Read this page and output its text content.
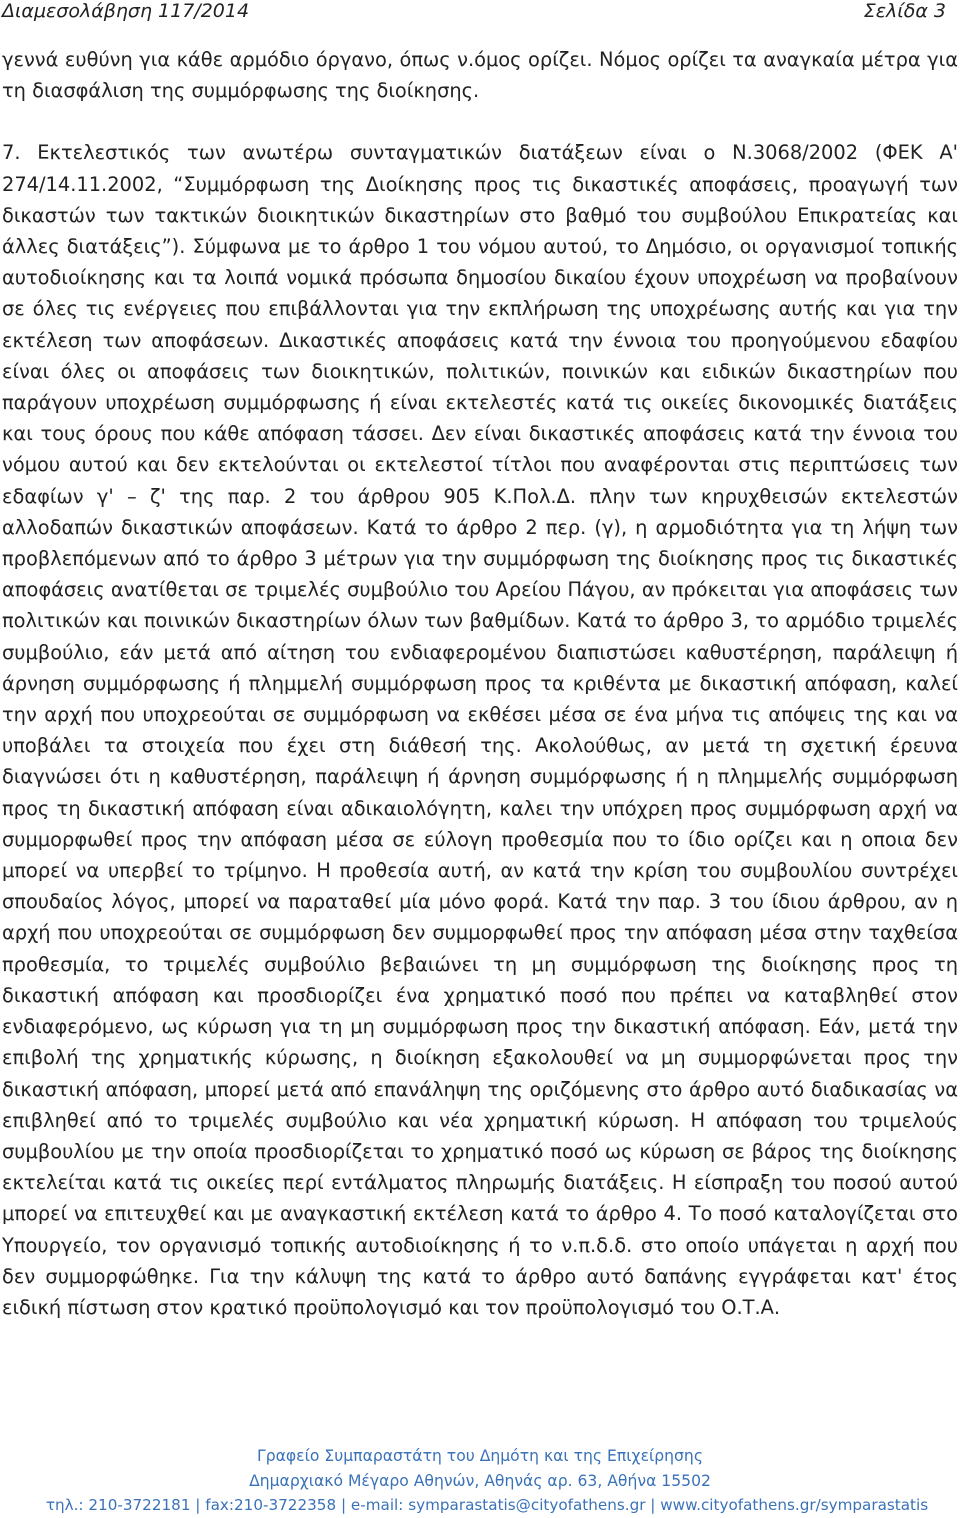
Διαμεσολάβηση 117/2014	Σελίδα 3

γεννά ευθύνη για κάθε αρμόδιο όργανο, όπως ν.όμος ορίζει. Νόμος ορίζει τα αναγκαία μέτρα για τη διασφάλιση της συμμόρφωσης της διοίκησης.

7. Εκτελεστικός των ανωτέρω συνταγματικών διατάξεων είναι ο Ν.3068/2002 (ΦΕΚ Α' 274/14.11.2002, “Συμμόρφωση της Διοίκησης προς τις δικαστικές αποφάσεις, προαγωγή των δικαστών των τακτικών διοικητικών δικαστηρίων στο βαθμό του συμβούλου Επικρατείας και άλλες διατάξεις”). Σύμφωνα με το άρθρο 1 του νόμου αυτού, το Δημόσιο, οι οργανισμοί τοπικής αυτοδιοίκησης και τα λοιπά νομικά πρόσωπα δημοσίου δικαίου έχουν υποχρέωση να προβαίνουν σε όλες τις ενέργειες που επιβάλλονται για την εκπλήρωση της υποχρέωσης αυτής και για την εκτέλεση των αποφάσεων. Δικαστικές αποφάσεις κατά την έννοια του προηγούμενου εδαφίου είναι όλες οι αποφάσεις των διοικητικών, πολιτικών, ποινικών και ειδικών δικαστηρίων που παράγουν υποχρέωση συμμόρφωσης ή είναι εκτελεστές κατά τις οικείες δικονομικές διατάξεις και τους όρους που κάθε απόφαση τάσσει. Δεν είναι δικαστικές αποφάσεις κατά την έννοια του νόμου αυτού και δεν εκτελούνται οι εκτελεστοί τίτλοι που αναφέρονται στις περιπτώσεις των εδαφίων γ' – ζ' της παρ. 2 του άρθρου 905 Κ.Πολ.Δ. πλην των κηρυχθεισών εκτελεστών αλλοδαπών δικαστικών αποφάσεων. Κατά το άρθρο 2 περ. (γ), η αρμοδιότητα για τη λήψη των προβλεπόμενων από το άρθρο 3 μέτρων για την συμμόρφωση της διοίκησης προς τις δικαστικές αποφάσεις ανατίθεται σε τριμελές συμβούλιο του Αρείου Πάγου, αν πρόκειται για αποφάσεις των πολιτικών και ποινικών δικαστηρίων όλων των βαθμίδων. Κατά το άρθρο 3, το αρμόδιο τριμελές συμβούλιο, εάν μετά από αίτηση του ενδιαφερομένου διαπιστώσει καθυστέρηση, παράλειψη ή άρνηση συμμόρφωσης ή πλημμελή συμμόρφωση προς τα κριθέντα με δικαστική απόφαση, καλεί την αρχή που υποχρεούται σε συμμόρφωση να εκθέσει μέσα σε ένα μήνα τις απόψεις της και να υποβάλει τα στοιχεία που έχει στη διάθεσή της. Ακολούθως, αν μετά τη σχετική έρευνα διαγνώσει ότι η καθυστέρηση, παράλειψη ή άρνηση συμμόρφωσης ή η πλημμελής συμμόρφωση προς τη δικαστική απόφαση είναι αδικαιολόγητη, καλει την υπόχρεη προς συμμόρφωση αρχή να συμμορφωθεί προς την απόφαση μέσα σε εύλογη προθεσμία που το ίδιο ορίζει και η οποια δεν μπορεί να υπερβεί το τρίμηνο. Η προθεσία αυτή, αν κατά την κρίση του συμβουλίου συντρέχει σπουδαίος λόγος, μπορεί να παραταθεί μία μόνο φορά. Κατά την παρ. 3 του ίδιου άρθρου, αν η αρχή που υποχρεούται σε συμμόρφωση δεν συμμορφωθεί προς την απόφαση μέσα στην ταχθείσα προθεσμία, το τριμελές συμβούλιο βεβαιώνει τη μη συμμόρφωση της διοίκησης προς τη δικαστική απόφαση και προσδιορίζει ένα χρηματικό ποσό που πρέπει να καταβληθεί στον ενδιαφερόμενο, ως κύρωση για τη μη συμμόρφωση προς την δικαστική απόφαση. Εάν, μετά την επιβολή της χρηματικής κύρωσης, η διοίκηση εξακολουθεί να μη συμμορφώνεται προς την δικαστική απόφαση, μπορεί μετά από επανάληψη της οριζόμενης στο άρθρο αυτό διαδικασίας να επιβληθεί από το τριμελές συμβούλιο και νέα χρηματική κύρωση. Η απόφαση του τριμελούς συμβουλίου με την οποία προσδιορίζεται το χρηματικό ποσό ως κύρωση σε βάρος της διοίκησης εκτελείται κατά τις οικείες περί εντάλματος πληρωμής διατάξεις. Η είσπραξη του ποσού αυτού μπορεί να επιτευχθεί και με αναγκαστική εκτέλεση κατά το άρθρο 4. Το ποσό καταλογίζεται στο Υπουργείο, τον οργανισμό τοπικής αυτοδιοίκησης ή το ν.π.δ.δ. στο οποίο υπάγεται η αρχή που δεν συμμορφώθηκε. Για την κάλυψη της κατά το άρθρο αυτό δαπάνης εγγράφεται κατ' έτος ειδική πίστωση στον κρατικό προϋπολογισμό και τον προϋπολογισμό του Ο.Τ.Α.

Γραφείο Συμπαραστάτη του Δημότη και της Επιχείρησης
Δημαρχιακό Μέγαρο Αθηνών, Αθηνάς αρ. 63, Αθήνα 15502
τηλ.: 210-3722181 | fax:210-3722358 | e-mail: symparastatis@cityofathens.gr | www.cityofathens.gr/symparastatis
